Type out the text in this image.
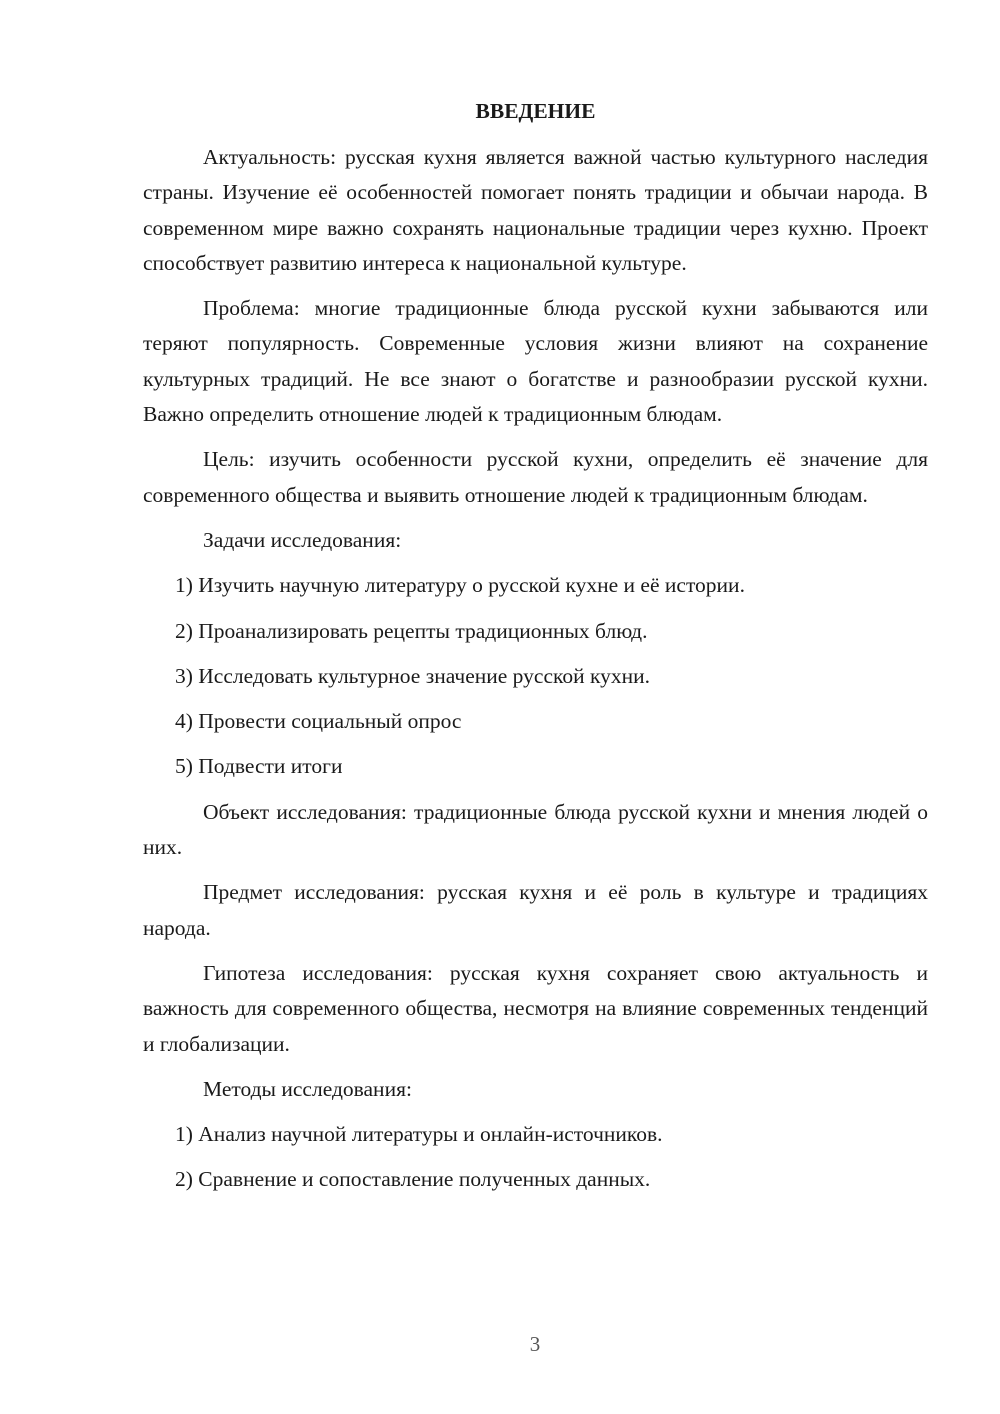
ВВЕДЕНИЕ
Актуальность: русская кухня является важной частью культурного наследия страны. Изучение её особенностей помогает понять традиции и обычаи народа. В современном мире важно сохранять национальные традиции через кухню. Проект способствует развитию интереса к национальной культуре.
Проблема: многие традиционные блюда русской кухни забываются или теряют популярность. Современные условия жизни влияют на сохранение культурных традиций. Не все знают о богатстве и разнообразии русской кухни. Важно определить отношение людей к традиционным блюдам.
Цель: изучить особенности русской кухни, определить её значение для современного общества и выявить отношение людей к традиционным блюдам.
Задачи исследования:
1) Изучить научную литературу о русской кухне и её истории.
2) Проанализировать рецепты традиционных блюд.
3) Исследовать культурное значение русской кухни.
4) Провести социальный опрос
5) Подвести итоги
Объект исследования: традиционные блюда русской кухни и мнения людей о них.
Предмет исследования: русская кухня и её роль в культуре и традициях народа.
Гипотеза исследования: русская кухня сохраняет свою актуальность и важность для современного общества, несмотря на влияние современных тенденций и глобализации.
Методы исследования:
1) Анализ научной литературы и онлайн-источников.
2) Сравнение и сопоставление полученных данных.
3
